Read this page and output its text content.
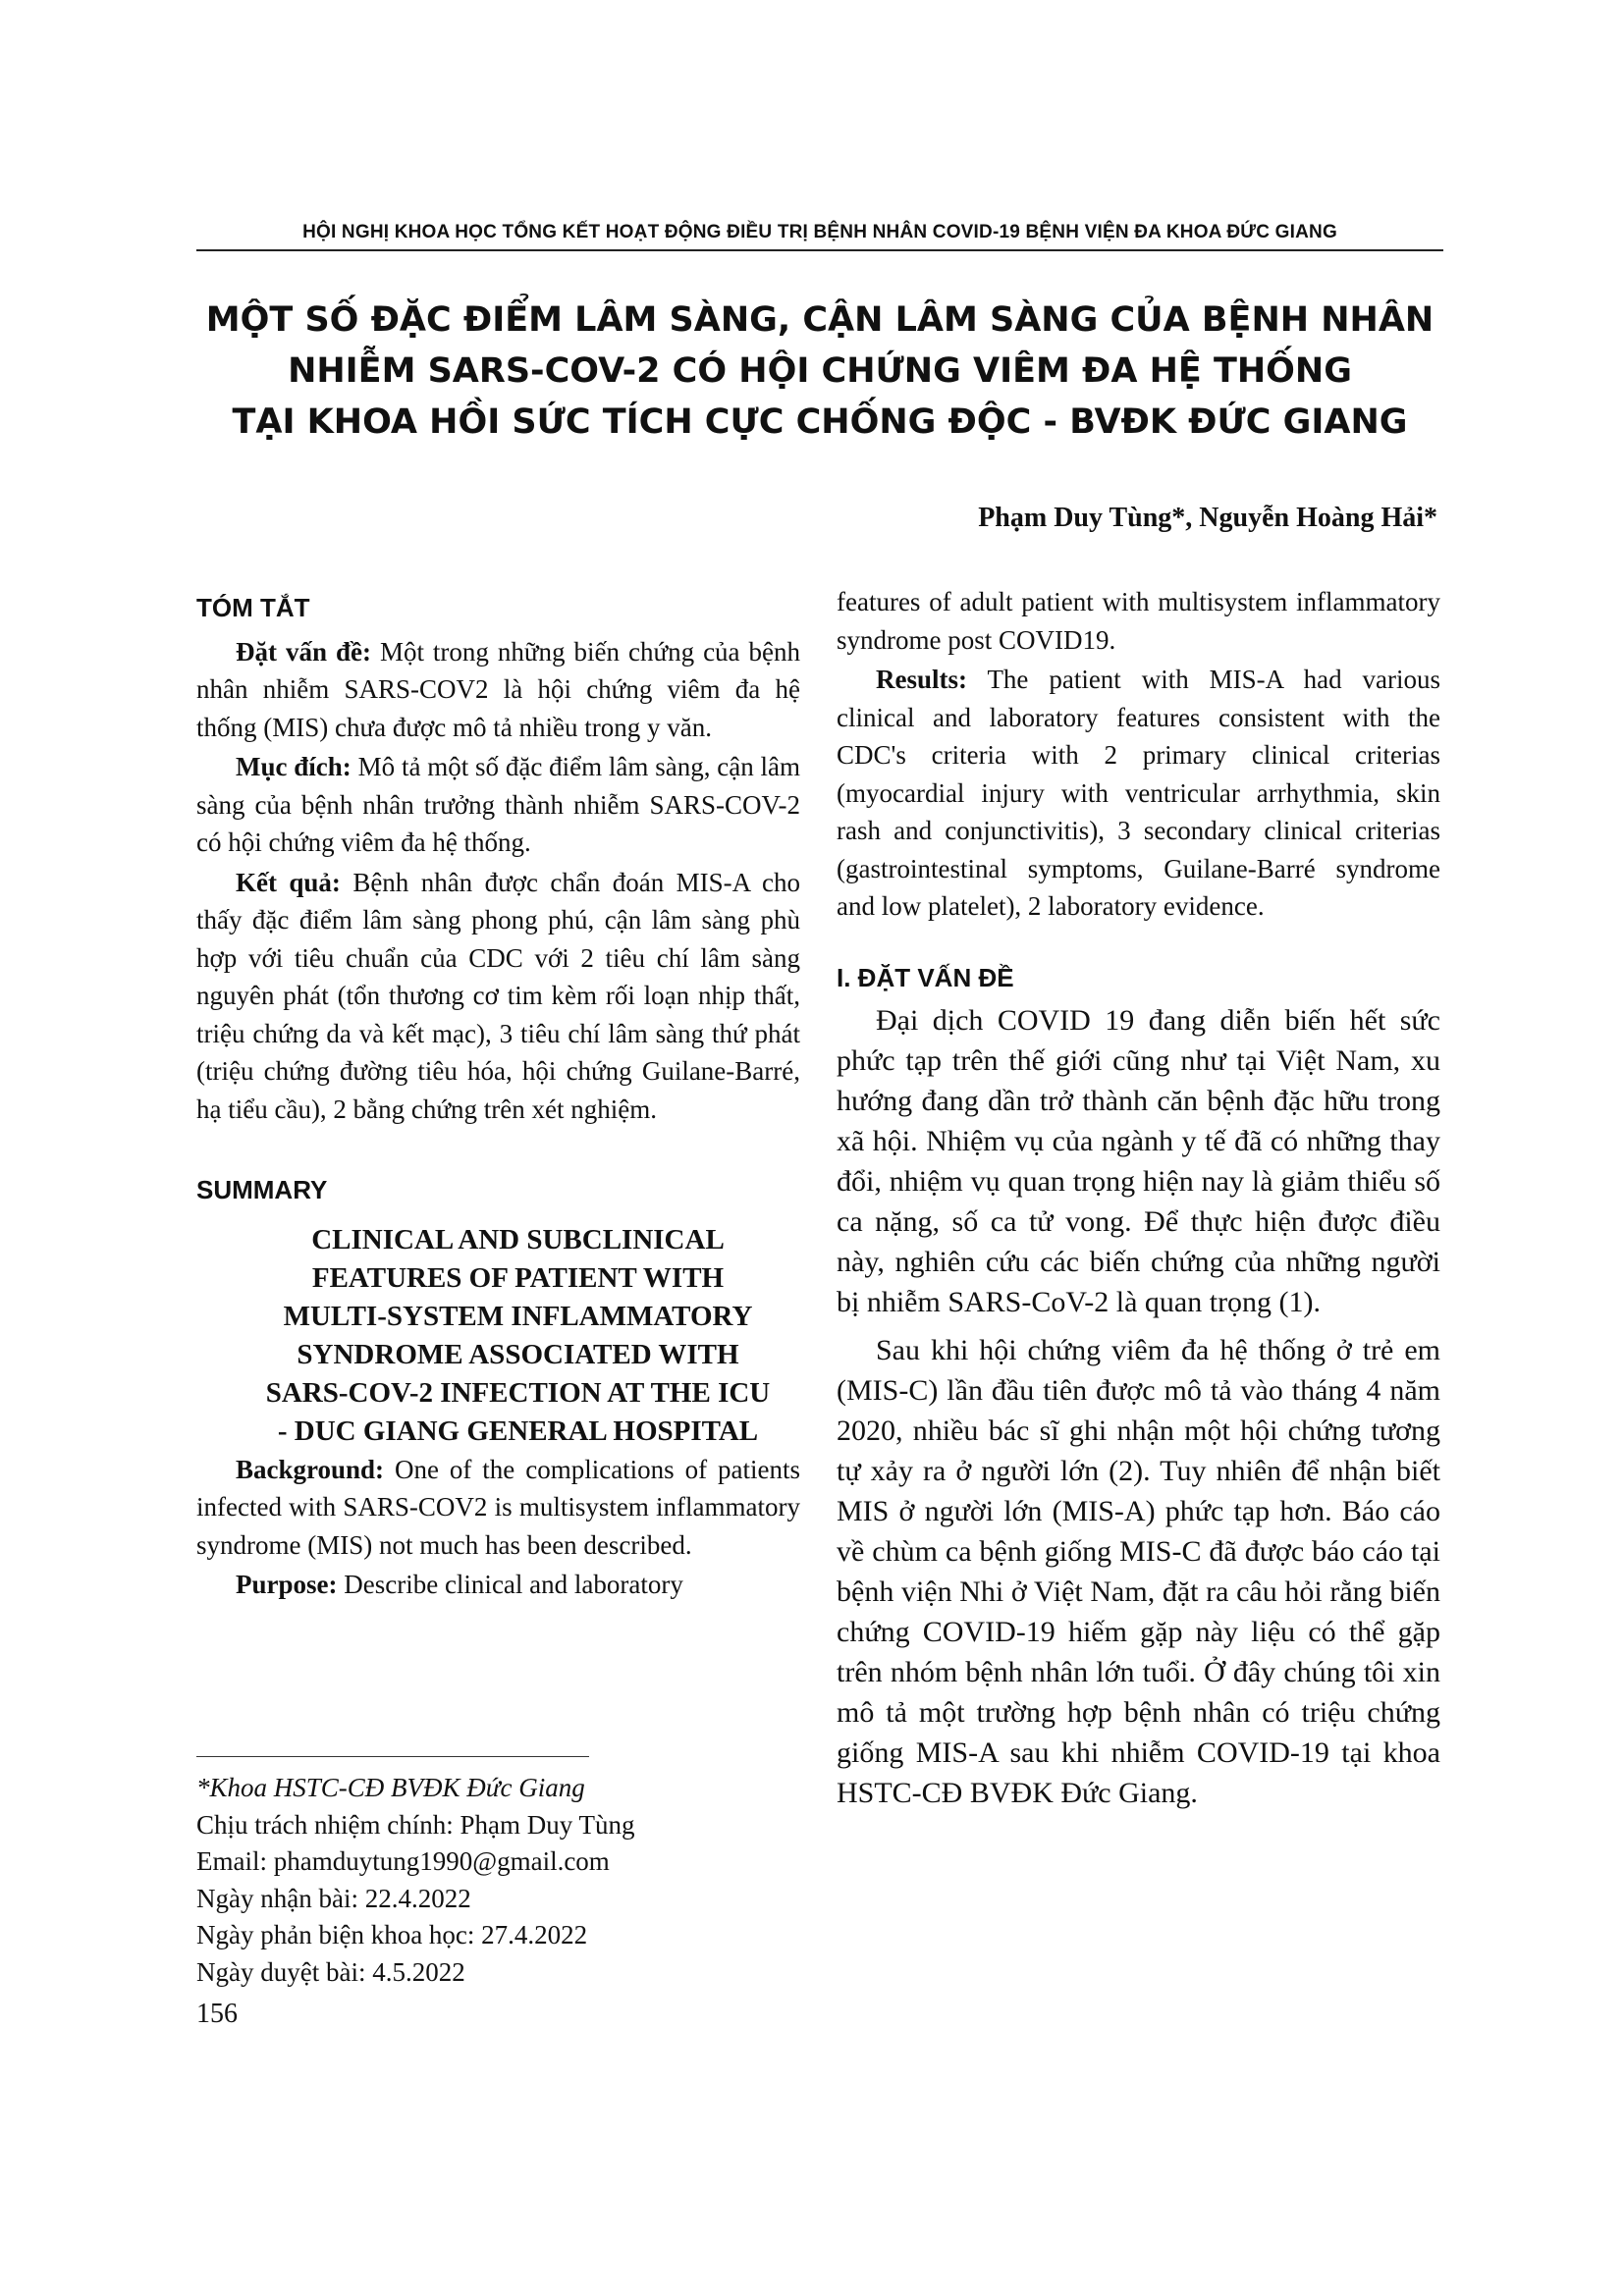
HỘI NGHỊ KHOA HỌC TỔNG KẾT HOẠT ĐỘNG ĐIỀU TRỊ BỆNH NHÂN COVID-19 BỆNH VIỆN ĐA KHOA ĐỨC GIANG
MỘT SỐ ĐẶC ĐIỂM LÂM SÀNG, CẬN LÂM SÀNG CỦA BỆNH NHÂN
NHIỄM SARS-COV-2 CÓ HỘI CHỨNG VIÊM ĐA HỆ THỐNG
TẠI KHOA HỒI SỨC TÍCH CỰC CHỐNG ĐỘC - BVĐK ĐỨC GIANG
Phạm Duy Tùng*, Nguyễn Hoàng Hải*

TÓM TẮT

Đặt vấn đề: Một trong những biến chứng của bệnh nhân nhiễm SARS-COV2 là hội chứng viêm đa hệ thống (MIS) chưa được mô tả nhiều trong y văn.

Mục đích: Mô tả một số đặc điểm lâm sàng, cận lâm sàng của bệnh nhân trưởng thành nhiễm SARS-COV-2 có hội chứng viêm đa hệ thống.

Kết quả: Bệnh nhân được chẩn đoán MIS-A cho thấy đặc điểm lâm sàng phong phú, cận lâm sàng phù hợp với tiêu chuẩn của CDC với 2 tiêu chí lâm sàng nguyên phát (tổn thương cơ tim kèm rối loạn nhịp thất, triệu chứng da và kết mạc), 3 tiêu chí lâm sàng thứ phát (triệu chứng đường tiêu hóa, hội chứng Guilane-Barré, hạ tiểu cầu), 2 bằng chứng trên xét nghiệm.

SUMMARY

CLINICAL AND SUBCLINICAL
FEATURES OF PATIENT WITH
MULTI-SYSTEM INFLAMMATORY
SYNDROME ASSOCIATED WITH
SARS-COV-2 INFECTION AT THE ICU
- DUC GIANG GENERAL HOSPITAL

Background: One of the complications of patients infected with SARS-COV2 is multisystem inflammatory syndrome (MIS) not much has been described.

Purpose: Describe clinical and laboratory

*Khoa HSTC-CĐ BVĐK Đức Giang
Chịu trách nhiệm chính: Phạm Duy Tùng
Email: phamduytung1990@gmail.com
Ngày nhận bài: 22.4.2022
Ngày phản biện khoa học: 27.4.2022
Ngày duyệt bài: 4.5.2022

features of adult patient with multisystem inflammatory syndrome post COVID19.

Results: The patient with MIS-A had various clinical and laboratory features consistent with the CDC's criteria with 2 primary clinical criterias (myocardial injury with ventricular arrhythmia, skin rash and conjunctivitis), 3 secondary clinical criterias (gastrointestinal symptoms, Guilane-Barré syndrome and low platelet), 2 laboratory evidence.

I. ĐẶT VẤN ĐỀ

Đại dịch COVID 19 đang diễn biến hết sức phức tạp trên thế giới cũng như tại Việt Nam, xu hướng đang dần trở thành căn bệnh đặc hữu trong xã hội. Nhiệm vụ của ngành y tế đã có những thay đổi, nhiệm vụ quan trọng hiện nay là giảm thiểu số ca nặng, số ca tử vong. Để thực hiện được điều này, nghiên cứu các biến chứng của những người bị nhiễm SARS-CoV-2 là quan trọng (1).

Sau khi hội chứng viêm đa hệ thống ở trẻ em (MIS-C) lần đầu tiên được mô tả vào tháng 4 năm 2020, nhiều bác sĩ ghi nhận một hội chứng tương tự xảy ra ở người lớn (2). Tuy nhiên để nhận biết MIS ở người lớn (MIS-A) phức tạp hơn. Báo cáo về chùm ca bệnh giống MIS-C đã được báo cáo tại bệnh viện Nhi ở Việt Nam, đặt ra câu hỏi rằng biến chứng COVID-19 hiếm gặp này liệu có thể gặp trên nhóm bệnh nhân lớn tuổi. Ở đây chúng tôi xin mô tả một trường hợp bệnh nhân có triệu chứng giống MIS-A sau khi nhiễm COVID-19 tại khoa HSTC-CĐ BVĐK Đức Giang.

156
